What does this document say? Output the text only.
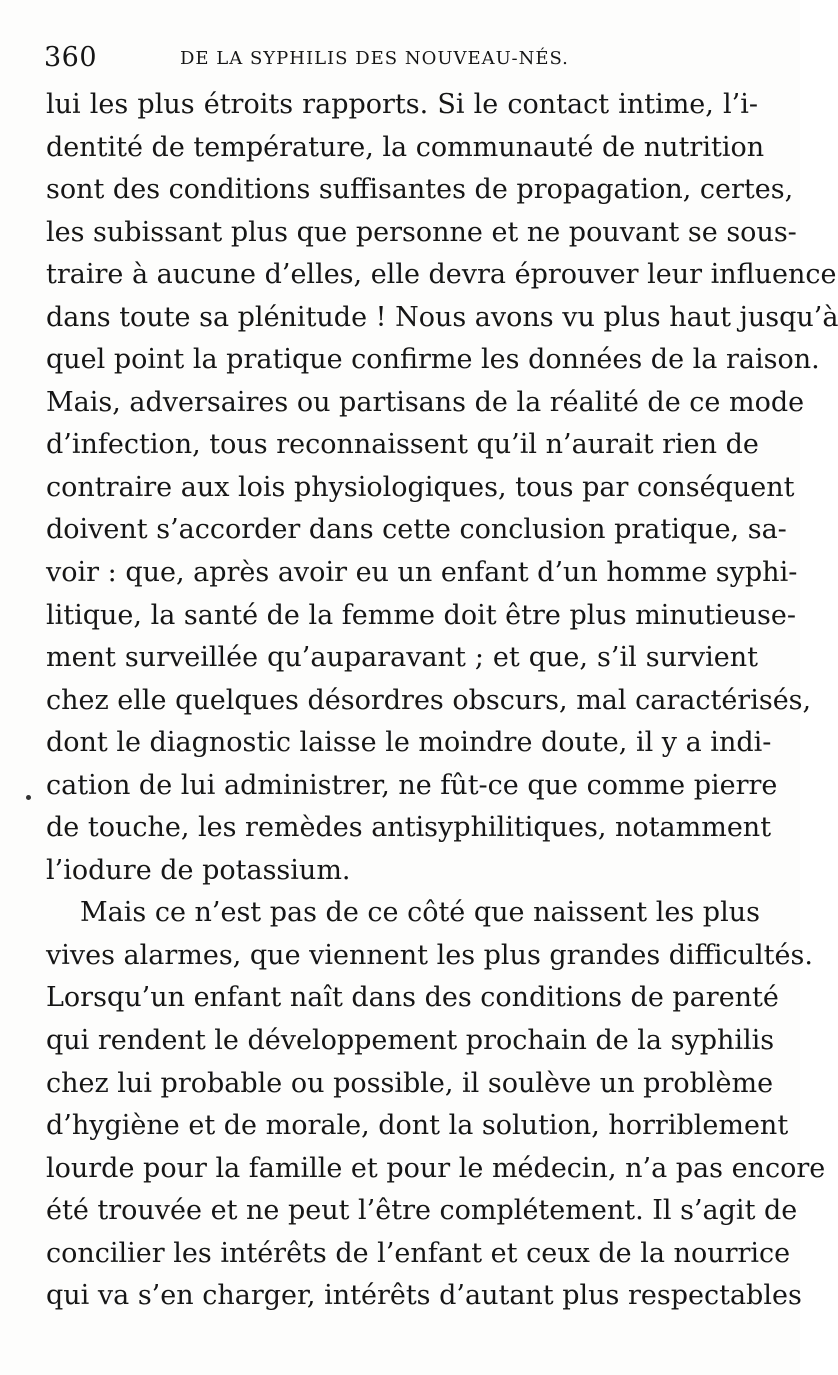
360	DE LA SYPHILIS DES NOUVEAU-NÉS.
lui les plus étroits rapports. Si le contact intime, l’i-
dentité de température, la communauté de nutrition
sont des conditions suffisantes de propagation, certes,
les subissant plus que personne et ne pouvant se sous-
traire à aucune d’elles, elle devra éprouver leur influence
dans toute sa plénitude ! Nous avons vu plus haut jusqu’à
quel point la pratique confirme les données de la raison.
Mais, adversaires ou partisans de la réalité de ce mode
d’infection, tous reconnaissent qu’il n’aurait rien de
contraire aux lois physiologiques, tous par conséquent
doivent s’accorder dans cette conclusion pratique, sa-
voir : que, après avoir eu un enfant d’un homme syphi-
litique, la santé de la femme doit être plus minutieuse-
ment surveillée qu’auparavant ; et que, s’il survient
chez elle quelques désordres obscurs, mal caractérisés,
dont le diagnostic laisse le moindre doute, il y a indi-
cation de lui administrer, ne fût-ce que comme pierre
de touche, les remèdes antisyphilitiques, notamment
l’iodure de potassium.
Mais ce n’est pas de ce côté que naissent les plus
vives alarmes, que viennent les plus grandes difficultés.
Lorsqu’un enfant naît dans des conditions de parenté
qui rendent le développement prochain de la syphilis
chez lui probable ou possible, il soulève un problème
d’hygiène et de morale, dont la solution, horriblement
lourde pour la famille et pour le médecin, n’a pas encore
été trouvée et ne peut l’être complétement. Il s’agit de
concilier les intérêts de l’enfant et ceux de la nourrice
qui va s’en charger, intérêts d’autant plus respectables
